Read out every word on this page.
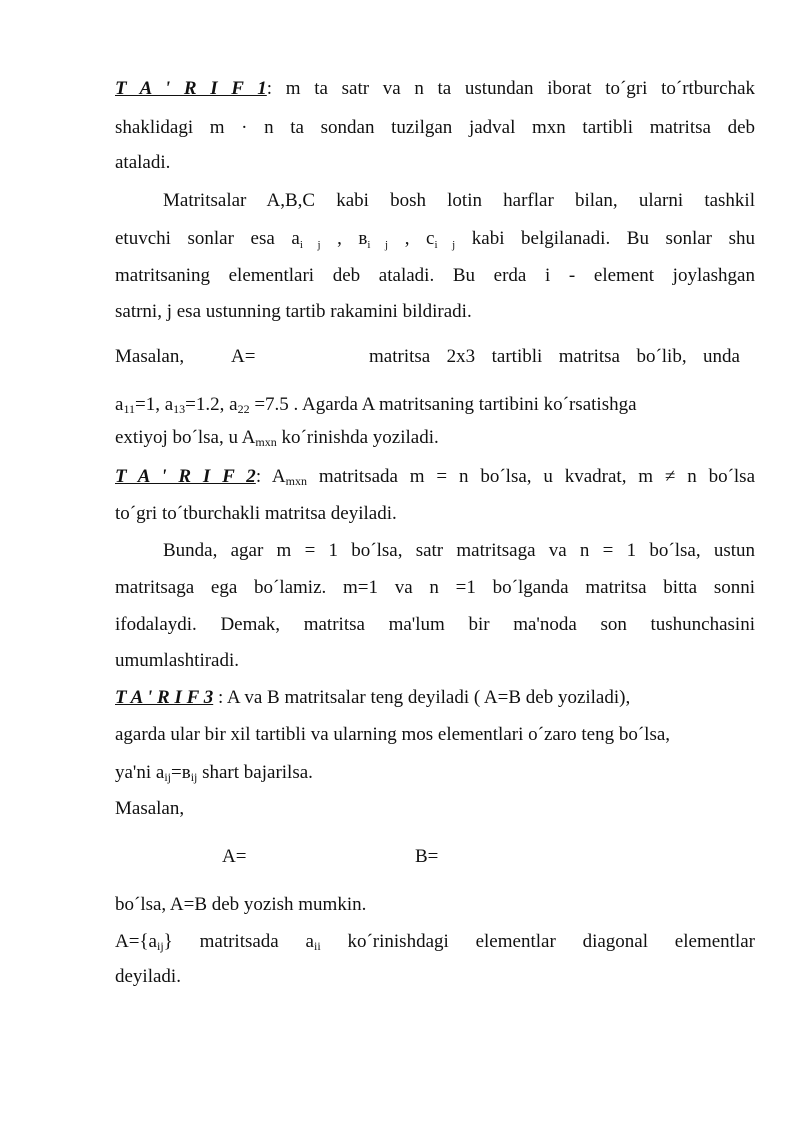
T A ' R I F 1: m ta satr va n ta ustundan iborat to´gri to´rtburchak
shaklidagi m · n ta sondan tuzilgan jadval mxn tartibli matritsa deb
ataladi.
Matritsalar A,B,C kabi bosh lotin harflar bilan, ularni tashkil
etuvchi sonlar esa $a_{i j}$ , $в_{i j}$ , $c_{i j}$ kabi belgilanadi. Bu sonlar shu
matritsaning elementlari deb ataladi. Bu erda i - element joylashgan
satrni, j esa ustunning tartib rakamini bildiradi.
Masalan, A=	matritsa 2x3 tartibli matritsa bo´lib, unda
a11=1, a13=1.2, a22 =7.5 . Agarda A matritsaning tartibini ko´rsatishga
extiyoj bo´lsa, u Amxn ko´rinishda yoziladi.
T A ' R I F 2: Amxn matritsada m = n bo´lsa, u kvadrat, m ≠ n bo´lsa
to´gri to´tburchakli matritsa deyiladi.
Bunda, agar m = 1 bo´lsa, satr matritsaga va n = 1 bo´lsa, ustun
matritsaga ega bo´lamiz. m=1 va n =1 bo´lganda matritsa bitta sonni
ifodalaydi. Demak, matritsa ma'lum bir ma'noda son tushunchasini
umumlashtiradi.
T A ' R I F 3 : A va B matritsalar teng deyiladi ( A=B deb yoziladi),
agarda ular bir xil tartibli va ularning mos elementlari o´zaro teng bo´lsa,
ya'ni aij=вij shart bajarilsa.
Masalan,
A=	B=
bo´lsa, A=B deb yozish mumkin.
A={aij} matritsada aii ko´rinishdagi elementlar diagonal elementlar
deyiladi.
